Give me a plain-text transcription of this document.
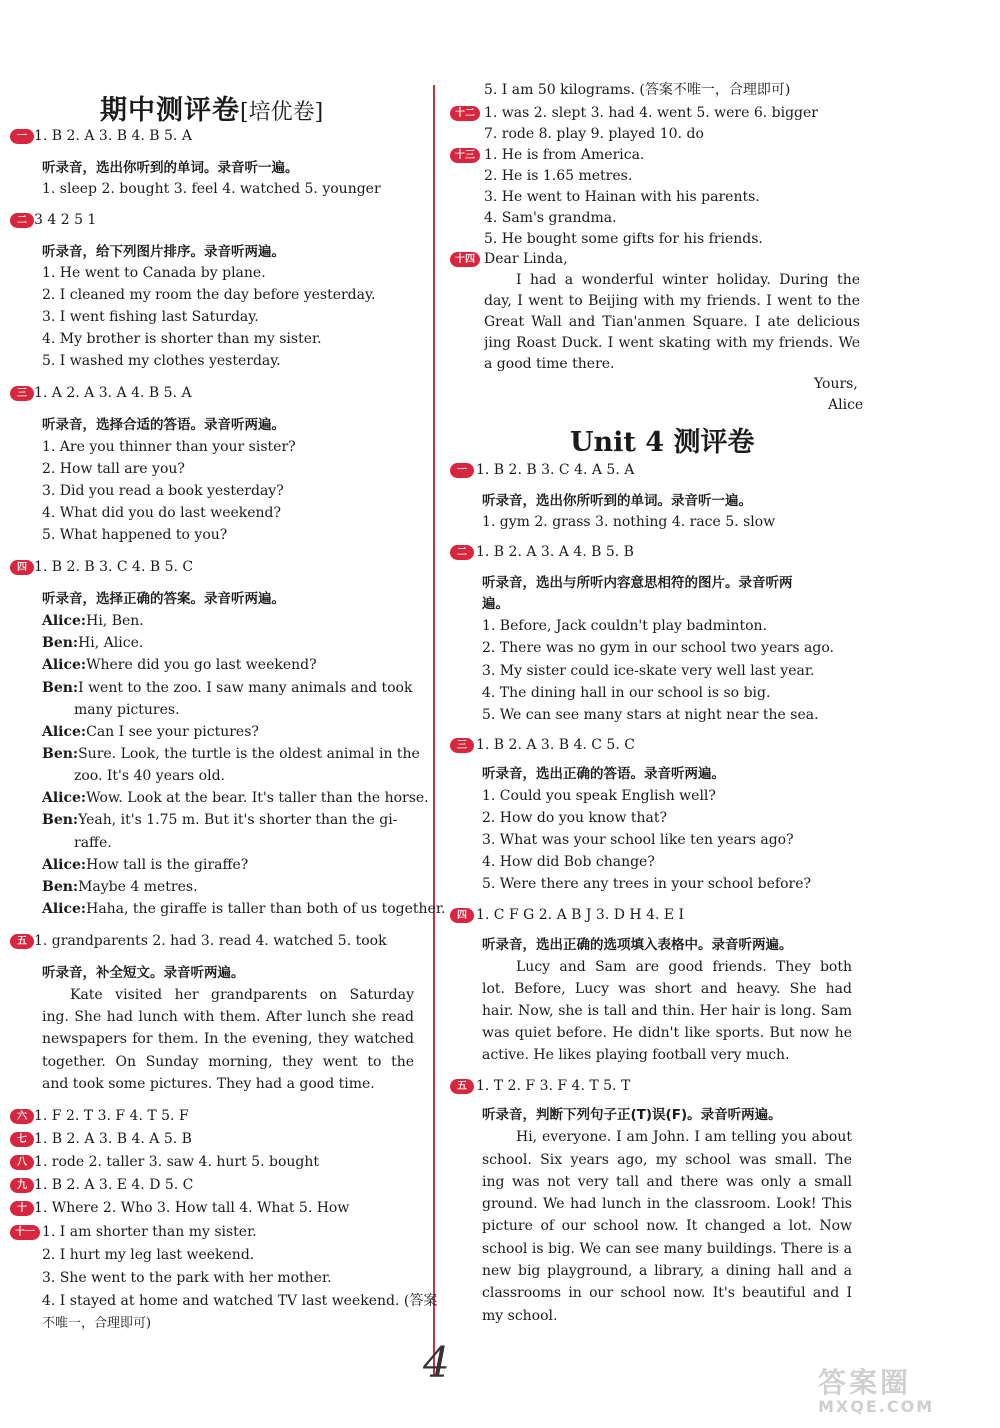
期中测评卷[培优卷]
一 1. B 2. A 3. B 4. B 5. A
听录音，选出你听到的单词。录音听一遍。
1. sleep 2. bought 3. feel 4. watched 5. younger
二 3 4 2 5 1
听录音，给下列图片排序。录音听两遍。
1. He went to Canada by plane.
2. I cleaned my room the day before yesterday.
3. I went fishing last Saturday.
4. My brother is shorter than my sister.
5. I washed my clothes yesterday.
三 1. A 2. A 3. A 4. B 5. A
听录音，选择合适的答语。录音听两遍。
1. Are you thinner than your sister?
2. How tall are you?
3. Did you read a book yesterday?
4. What did you do last weekend?
5. What happened to you?
四 1. B 2. B 3. C 4. B 5. C
听录音，选择正确的答案。录音听两遍。
Alice:Hi, Ben.
Ben:Hi, Alice.
Alice:Where did you go last weekend?
Ben:I went to the zoo. I saw many animals and took
many pictures.
Alice:Can I see your pictures?
Ben:Sure. Look, the turtle is the oldest animal in the
zoo. It's 40 years old.
Alice:Wow. Look at the bear. It's taller than the horse.
Ben:Yeah, it's 1.75 m. But it's shorter than the gi-
raffe.
Alice:How tall is the giraffe?
Ben:Maybe 4 metres.
Alice:Haha, the giraffe is taller than both of us together.
五 1. grandparents 2. had 3. read 4. watched 5. took
听录音，补全短文。录音听两遍。
Kate visited her grandparents on Saturday
ing. She had lunch with them. After lunch she read
newspapers for them. In the evening, they watched
together. On Sunday morning, they went to the
and took some pictures. They had a good time.
六 1. F 2. T 3. F 4. T 5. F
七 1. B 2. A 3. B 4. A 5. B
八 1. rode 2. taller 3. saw 4. hurt 5. bought
九 1. B 2. A 3. E 4. D 5. C
十 1. Where 2. Who 3. How tall 4. What 5. How
十一 1. I am shorter than my sister.
2. I hurt my leg last weekend.
3. She went to the park with her mother.
4. I stayed at home and watched TV last weekend. (答案
不唯一，合理即可)
5. I am 50 kilograms. (答案不唯一，合理即可)
十二 1. was 2. slept 3. had 4. went 5. were 6. bigger
7. rode 8. play 9. played 10. do
十三 1. He is from America.
2. He is 1.65 metres.
3. He went to Hainan with his parents.
4. Sam's grandma.
5. He bought some gifts for his friends.
十四 Dear Linda,
I had a wonderful winter holiday. During the
day, I went to Beijing with my friends. I went to the
Great Wall and Tian'anmen Square. I ate delicious
jing Roast Duck. I went skating with my friends. We
a good time there.
Yours,
Alice
Unit 4 测评卷
一 1. B 2. B 3. C 4. A 5. A
听录音，选出你所听到的单词。录音听一遍。
1. gym 2. grass 3. nothing 4. race 5. slow
二 1. B 2. A 3. A 4. B 5. B
听录音，选出与所听内容意思相符的图片。录音听两
遍。
1. Before, Jack couldn't play badminton.
2. There was no gym in our school two years ago.
3. My sister could ice-skate very well last year.
4. The dining hall in our school is so big.
5. We can see many stars at night near the sea.
三 1. B 2. A 3. B 4. C 5. C
听录音，选出正确的答语。录音听两遍。
1. Could you speak English well?
2. How do you know that?
3. What was your school like ten years ago?
4. How did Bob change?
5. Were there any trees in your school before?
四 1. C F G 2. A B J 3. D H 4. E I
听录音，选出正确的选项填入表格中。录音听两遍。
Lucy and Sam are good friends. They both
lot. Before, Lucy was short and heavy. She had
hair. Now, she is tall and thin. Her hair is long. Sam
was quiet before. He didn't like sports. But now he
active. He likes playing football very much.
五 1. T 2. F 3. F 4. T 5. T
听录音，判断下列句子正(T)误(F)。录音听两遍。
Hi, everyone. I am John. I am telling you about
school. Six years ago, my school was small. The
ing was not very tall and there was only a small
ground. We had lunch in the classroom. Look! This
picture of our school now. It changed a lot. Now
school is big. We can see many buildings. There is a
new big playground, a library, a dining hall and a
classrooms in our school now. It's beautiful and I
my school.
4	答案圈
MXQE.COM
